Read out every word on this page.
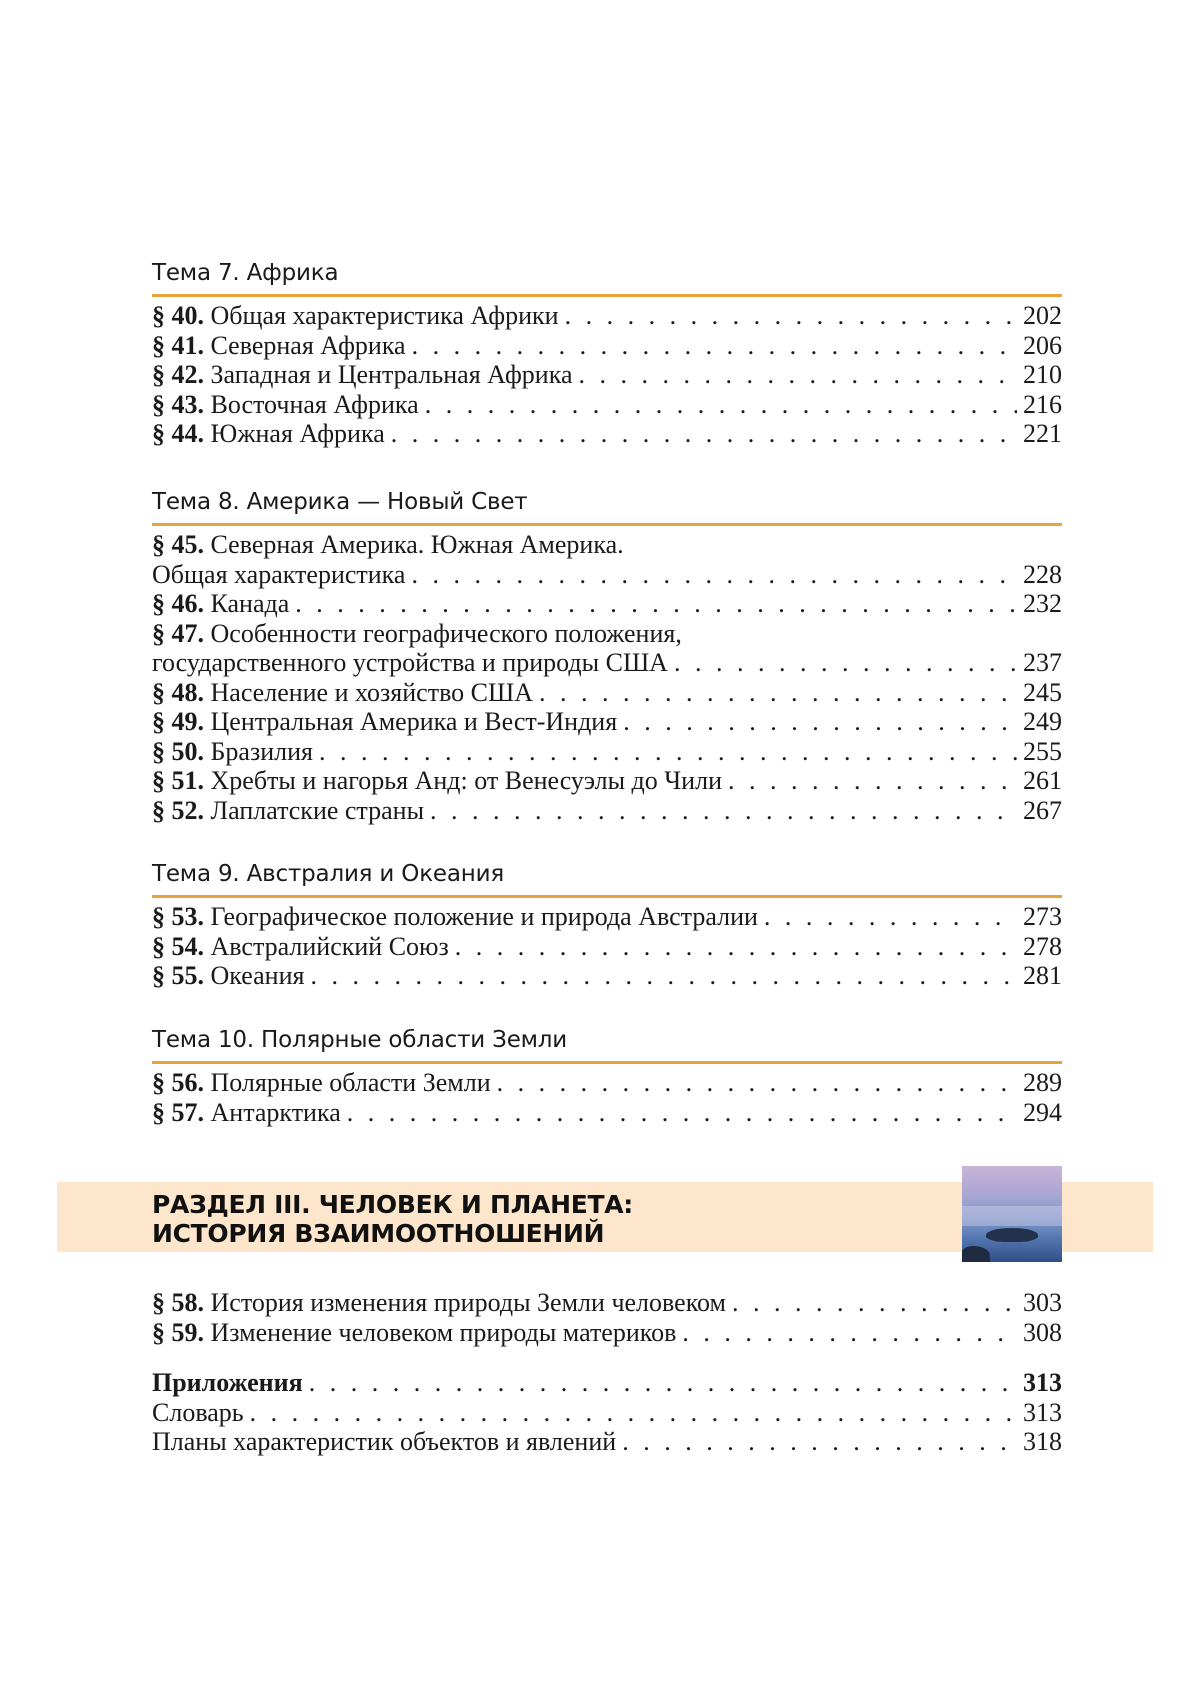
Тема 7. Африка
§ 40. Общая характеристика Африки . . .	202
§ 41. Северная Африка . . .	206
§ 42. Западная и Центральная Африка . . .	210
§ 43. Восточная Африка . . .	216
§ 44. Южная Африка . . .	221
Тема 8. Америка — Новый Свет
§ 45. Северная Америка. Южная Америка.
Общая характеристика . . .	228
§ 46. Канада . . .	232
§ 47. Особенности географического положения,
государственного устройства и природы США . . .	237
§ 48. Население и хозяйство США . . .	245
§ 49. Центральная Америка и Вест-Индия . . .	249
§ 50. Бразилия . . .	255
§ 51. Хребты и нагорья Анд: от Венесуэлы до Чили . . .	261
§ 52. Лаплатские страны . . .	267
Тема 9. Австралия и Океания
§ 53. Географическое положение и природа Австралии . . .	273
§ 54. Австралийский Союз . . .	278
§ 55. Океания . . .	281
Тема 10. Полярные области Земли
§ 56. Полярные области Земли . . .	289
§ 57. Антарктика . . .	294
РАЗДЕЛ III. ЧЕЛОВЕК И ПЛАНЕТА:
ИСТОРИЯ ВЗАИМООТНОШЕНИЙ
§ 58. История изменения природы Земли человеком . . .	303
§ 59. Изменение человеком природы материков . . .	308
Приложения . . .	313
Словарь . . .	313
Планы характеристик объектов и явлений . . .	318
